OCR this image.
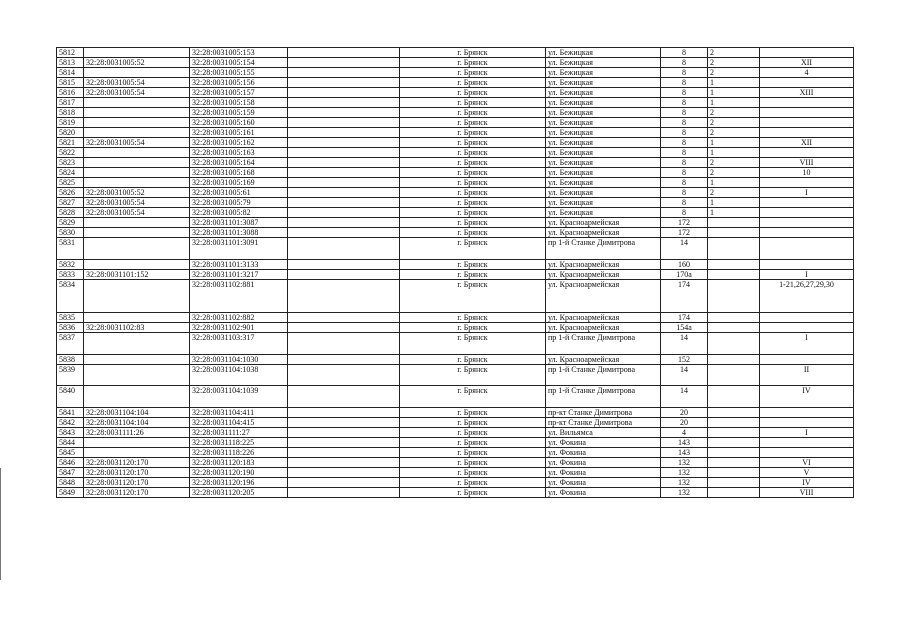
5812		32:28:0031005:153		г. Брянск	ул. Бежицкая	8	2	
5813	32:28:0031005:52	32:28:0031005:154		г. Брянск	ул. Бежицкая	8	2	XII
5814		32:28:0031005:155		г. Брянск	ул. Бежицкая	8	2	4
5815	32:28:0031005:54	32:28:0031005:156		г. Брянск	ул. Бежицкая	8	1	
5816	32:28:0031005:54	32:28:0031005:157		г. Брянск	ул. Бежицкая	8	1	XIII
5817		32:28:0031005:158		г. Брянск	ул. Бежицкая	8	1	
5818		32:28:0031005:159		г. Брянск	ул. Бежицкая	8	2	
5819		32:28:0031005:160		г. Брянск	ул. Бежицкая	8	2	
5820		32:28:0031005:161		г. Брянск	ул. Бежицкая	8	2	
5821	32:28:0031005:54	32:28:0031005:162		г. Брянск	ул. Бежицкая	8	1	XII
5822		32:28:0031005:163		г. Брянск	ул. Бежицкая	8	1	
5823		32:28:0031005:164		г. Брянск	ул. Бежицкая	8	2	VIII
5824		32:28:0031005:168		г. Брянск	ул. Бежицкая	8	2	10
5825		32:28:0031005:169		г. Брянск	ул. Бежицкая	8	1	
5826	32:28:0031005:52	32:28:0031005:61		г. Брянск	ул. Бежицкая	8	2	I
5827	32:28:0031005:54	32:28:0031005:79		г. Брянск	ул. Бежицкая	8	1	
5828	32:28:0031005:54	32:28:0031005:82		г. Брянск	ул. Бежицкая	8	1	
5829		32:28:0031101:3087		г. Брянск	ул. Красноармейская	172		
5830		32:28:0031101:3088		г. Брянск	ул. Красноармейская	172		
5831		32:28:0031101:3091		г. Брянск	пр 1-й Станке Димитрова	14		
5832		32:28:0031101:3133		г. Брянск	ул. Красноармейская	160		
5833	32:28:0031101:152	32:28:0031101:3217		г. Брянск	ул. Красноармейская	170а		I
5834		32:28:0031102:881		г. Брянск	ул. Красноармейская	174		1-21,26,27,29,30
5835		32:28:0031102:882		г. Брянск	ул. Красноармейская	174		
5836	32:28:0031102:83	32:28:0031102:901		г. Брянск	ул. Красноармейская	154а		
5837		32:28:0031103:317		г. Брянск	пр 1-й Станке Димитрова	14		I
5838		32:28:0031104:1030		г. Брянск	ул. Красноармейская	152		
5839		32:28:0031104:1038		г. Брянск	пр 1-й Станке Димитрова	14		II
5840		32:28:0031104:1039		г. Брянск	пр 1-й Станке Димитрова	14		IV
5841	32:28:0031104:104	32:28:0031104:411		г. Брянск	пр-кт Станке Димитрова	20		
5842	32:28:0031104:104	32:28:0031104:415		г. Брянск	пр-кт Станке Димитрова	20		
5843	32:28:0031111:26	32:28:0031111:27		г. Брянск	ул. Вильямса	4		I
5844		32:28:0031118:225		г. Брянск	ул. Фокина	143		
5845		32:28:0031118:226		г. Брянск	ул. Фокина	143		
5846	32:28:0031120:170	32:28:0031120:183		г. Брянск	ул. Фокина	132		VI
5847	32:28:0031120:170	32:28:0031120:190		г. Брянск	ул. Фокина	132		V
5848	32:28:0031120:170	32:28:0031120:196		г. Брянск	ул. Фокина	132		IV
5849	32:28:0031120:170	32:28:0031120:205		г. Брянск	ул. Фокина	132		VIII
